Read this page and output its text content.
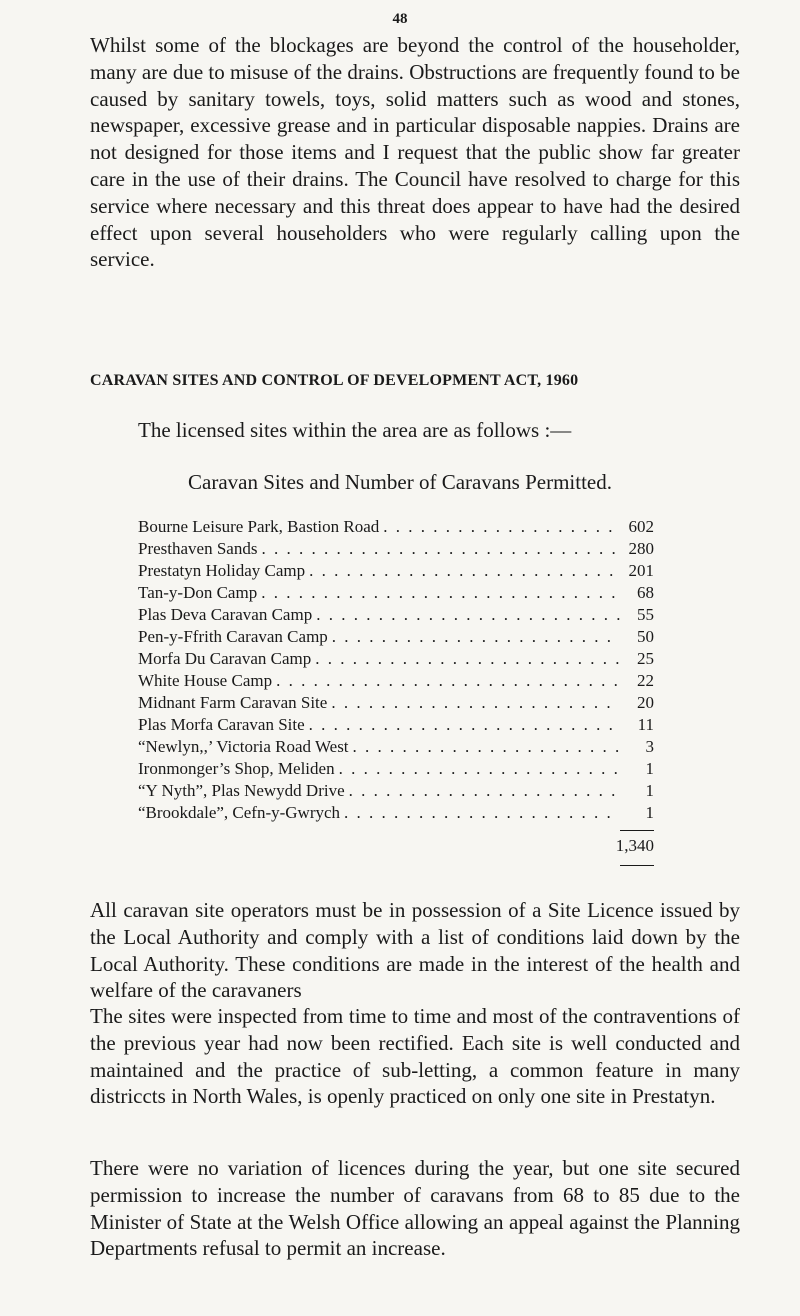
48

Whilst some of the blockages are beyond the control of the householder, many are due to misuse of the drains. Obstructions are frequently found to be caused by sanitary towels, toys, solid matters such as wood and stones, newspaper, excessive grease and in particular disposable nappies. Drains are not designed for those items and I request that the public show far greater care in the use of their drains. The Council have resolved to charge for this service where necessary and this threat does appear to have had the desired effect upon several householders who were regularly calling upon the service.

CARAVAN SITES AND CONTROL OF DEVELOPMENT ACT, 1960

The licensed sites within the area are as follows :—

Caravan Sites and Number of Caravans Permitted.

Bourne Leisure Park, Bastion Road . . .	602
Presthaven Sands . . .	280
Prestatyn Holiday Camp . . .	201
Tan-y-Don Camp . . .	68
Plas Deva Caravan Camp . . .	55
Pen-y-Ffrith Caravan Camp . . .	50
Morfa Du Caravan Camp . . .	25
White House Camp . . .	22
Midnant Farm Caravan Site . . .	20
Plas Morfa Caravan Site . . .	11
“Newlyn,,’ Victoria Road West . . .	3
Ironmonger’s Shop, Meliden . . .	1
“Y Nyth”, Plas Newydd Drive . . .	1
“Brookdale”, Cefn-y-Gwrych . . .	1

1,340

All caravan site operators must be in possession of a Site Licence issued by the Local Authority and comply with a list of conditions laid down by the Local Authority. These conditions are made in the interest of the health and welfare of the caravaners

The sites were inspected from time to time and most of the contraventions of the previous year had now been rectified. Each site is well conducted and maintained and the practice of sub-letting, a common feature in many districcts in North Wales, is openly practiced on only one site in Prestatyn.

There were no variation of licences during the year, but one site secured permission to increase the number of caravans from 68 to 85 due to the Minister of State at the Welsh Office allowing an appeal against the Planning Departments refusal to permit an increase.
